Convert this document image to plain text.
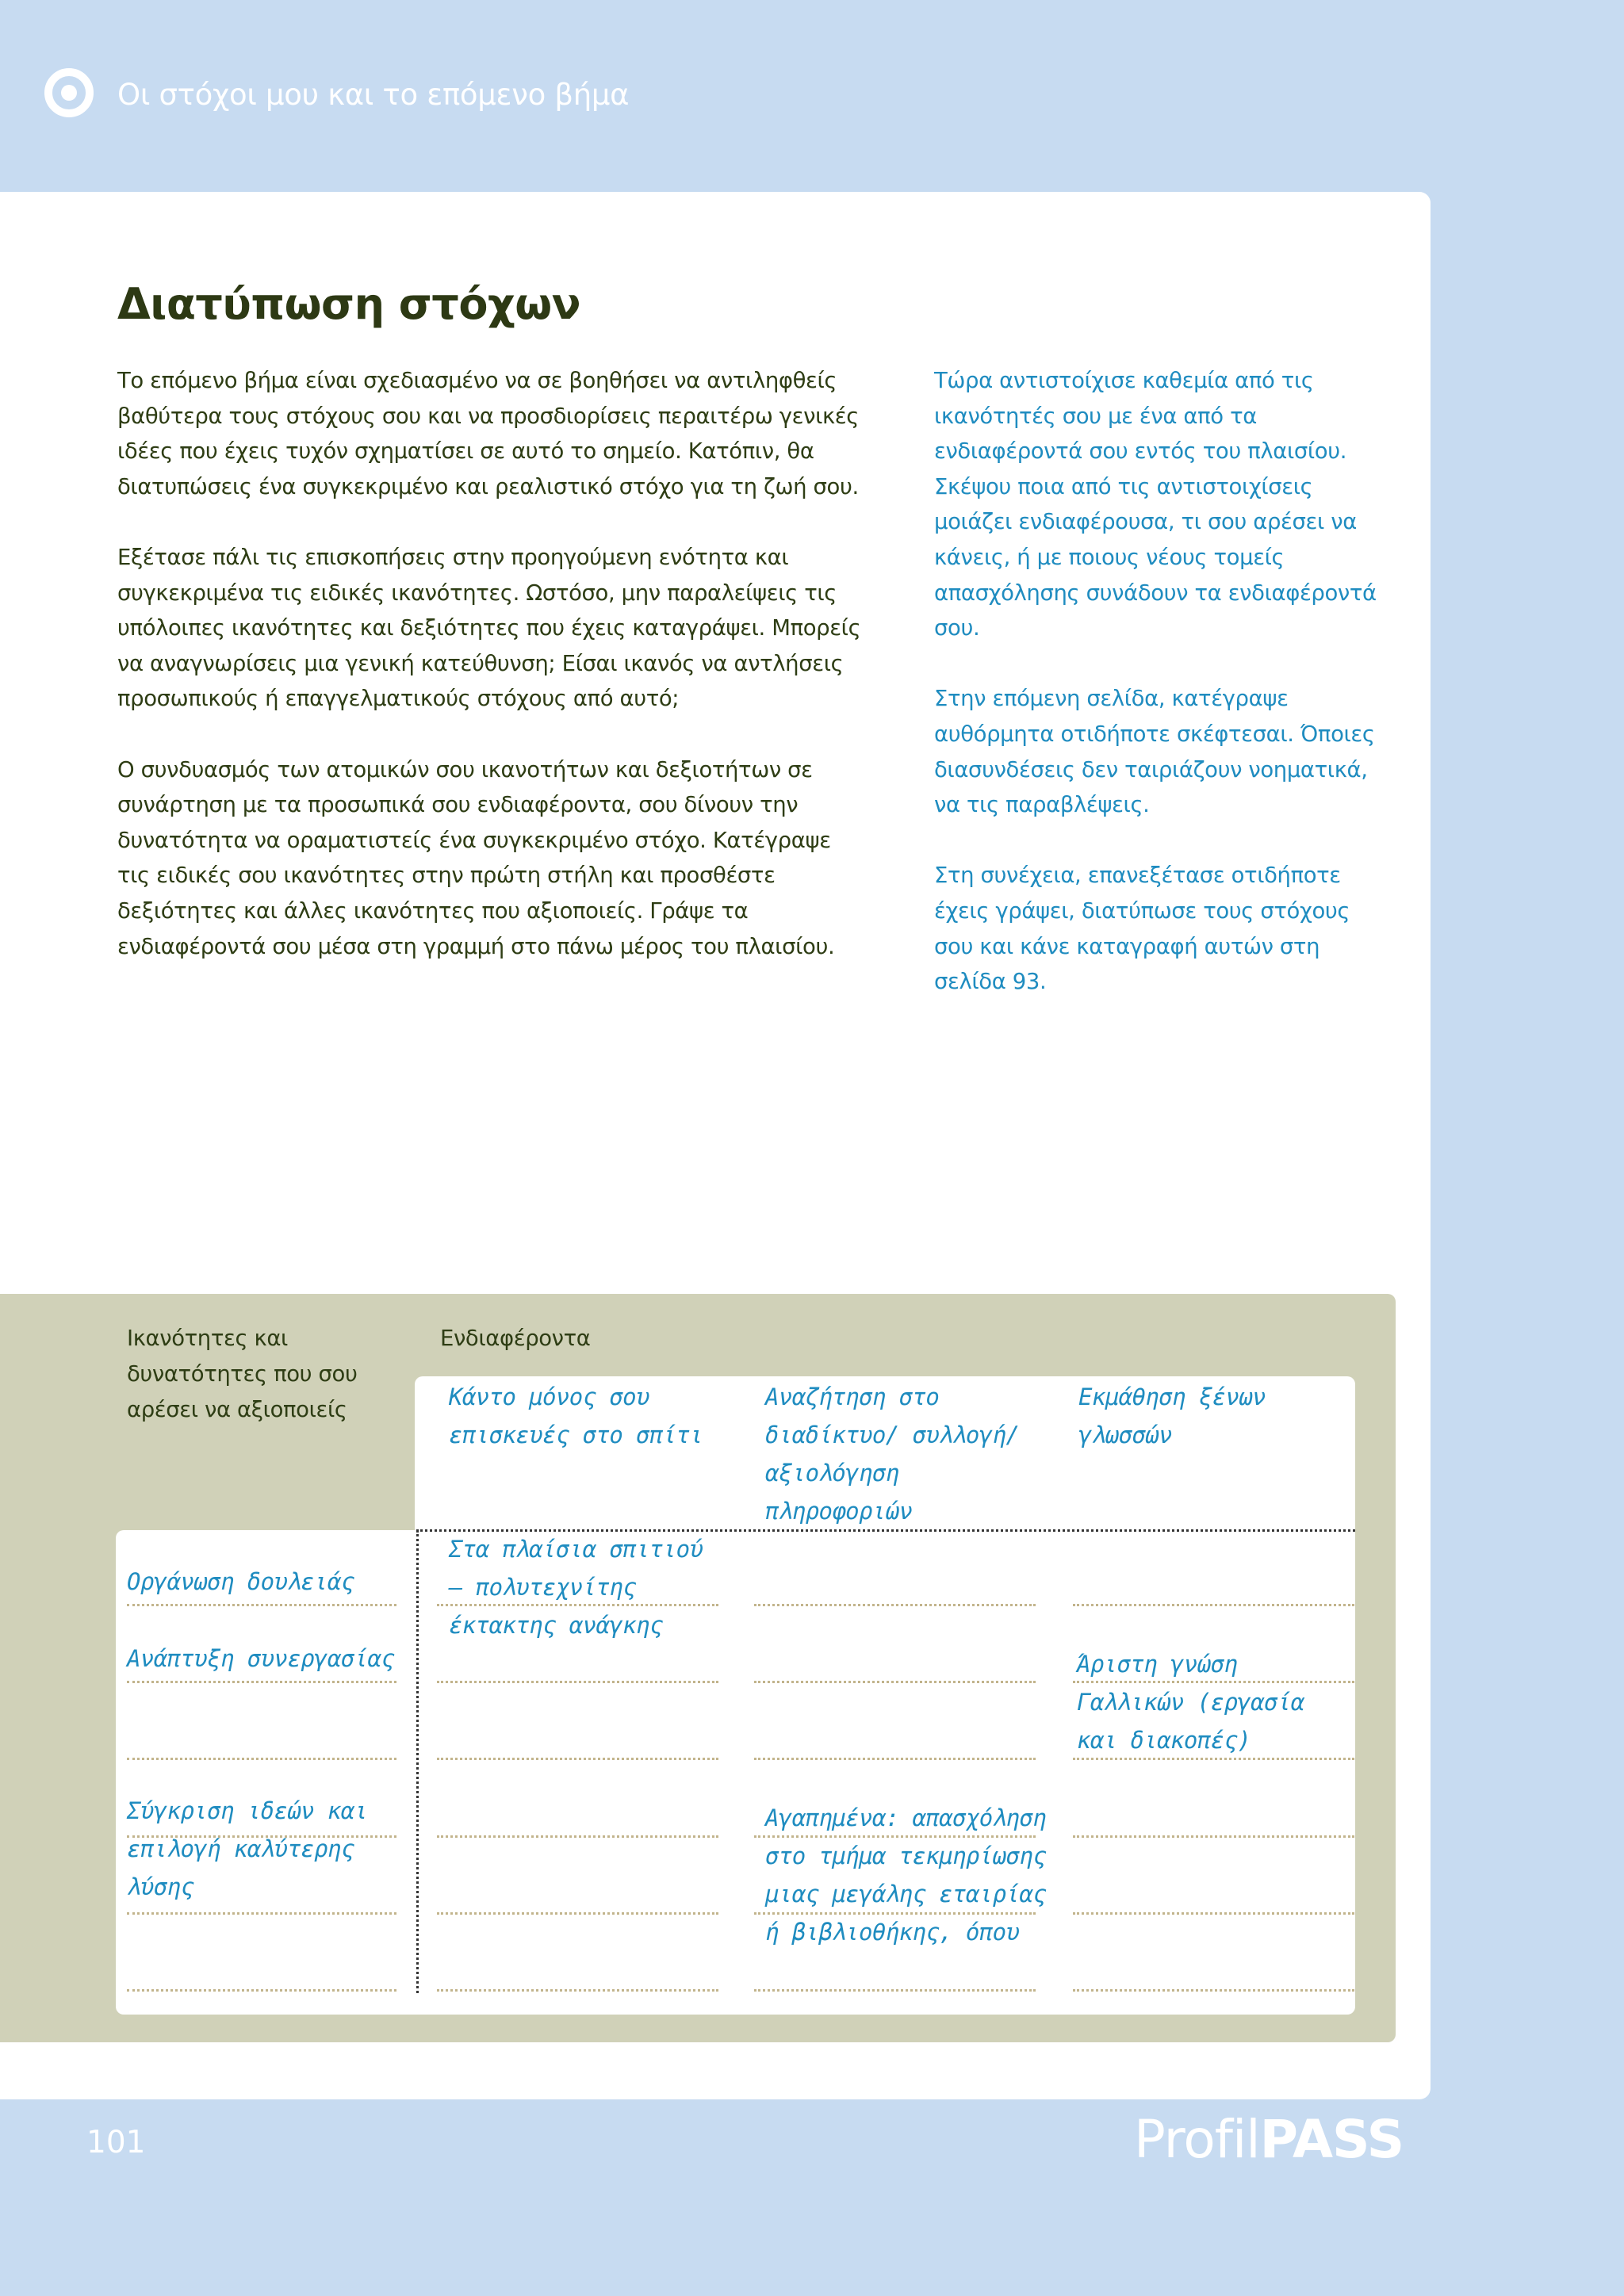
Οι στόχοι μου και το επόμενο βήμα
Διατύπωση στόχων

Το επόμενο βήμα είναι σχεδιασμένο να σε βοηθήσει να αντιληφθείς βαθύτερα τους στόχους σου και να προσδιορίσεις περαιτέρω γενικές ιδέες που έχεις τυχόν σχηματίσει σε αυτό το σημείο. Κατόπιν, θα διατυπώσεις ένα συγκεκριμένο και ρεαλιστικό στόχο για τη ζωή σου.

Εξέτασε πάλι τις επισκοπήσεις στην προηγούμενη ενότητα και συγκεκριμένα τις ειδικές ικανότητες. Ωστόσο, μην παραλείψεις τις υπόλοιπες ικανότητες και δεξιότητες που έχεις καταγράψει. Μπορείς να αναγνωρίσεις μια γενική κατεύθυνση; Είσαι ικανός να αντλήσεις προσωπικούς ή επαγγελματικούς στόχους από αυτό;

Ο συνδυασμός των ατομικών σου ικανοτήτων και δεξιοτήτων σε συνάρτηση με τα προσωπικά σου ενδιαφέροντα, σου δίνουν την δυνατότητα να οραματιστείς ένα συγκεκριμένο στόχο. Κατέγραψε τις ειδικές σου ικανότητες στην πρώτη στήλη και προσθέστε δεξιότητες και άλλες ικανότητες που αξιοποιείς. Γράψε τα ενδιαφέροντά σου μέσα στη γραμμή στο πάνω μέρος του πλαισίου.

Τώρα αντιστοίχισε καθεμία από τις ικανότητές σου με ένα από τα ενδιαφέροντά σου εντός του πλαισίου. Σκέψου ποια από τις αντιστοιχίσεις μοιάζει ενδιαφέρουσα, τι σου αρέσει να κάνεις, ή με ποιους νέους τομείς απασχόλησης συνάδουν τα ενδιαφέροντά σου.

Στην επόμενη σελίδα, κατέγραψε αυθόρμητα οτιδήποτε σκέφτεσαι. Όποιες διασυνδέσεις δεν ταιριάζουν νοηματικά, να τις παραβλέψεις.

Στη συνέχεια, επανεξέτασε οτιδήποτε έχεις γράψει, διατύπωσε τους στόχους σου και κάνε καταγραφή αυτών στη σελίδα 93.

Ικανότητες και δυνατότητες που σου αρέσει να αξιοποιείς
Ενδιαφέροντα
Κάντο μόνος σου επισκευές στο σπίτι
Αναζήτηση στο διαδίκτυο/ συλλογή/αξιολόγηση πληροφοριών
Εκμάθηση ξένων γλωσσών
Οργάνωση δουλειάς
Ανάπτυξη συνεργασίας
Σύγκριση ιδεών και επιλογή καλύτερης λύσης
Στα πλαίσια σπιτιού – πολυτεχνίτης έκτακτης ανάγκης
Άριστη γνώση Γαλλικών (εργασία και διακοπές)
Αγαπημένα: απασχόληση στο τμήμα τεκμηρίωσης μιας μεγάλης εταιρίας ή βιβλιοθήκης, όπου
101	ProfilPASS
